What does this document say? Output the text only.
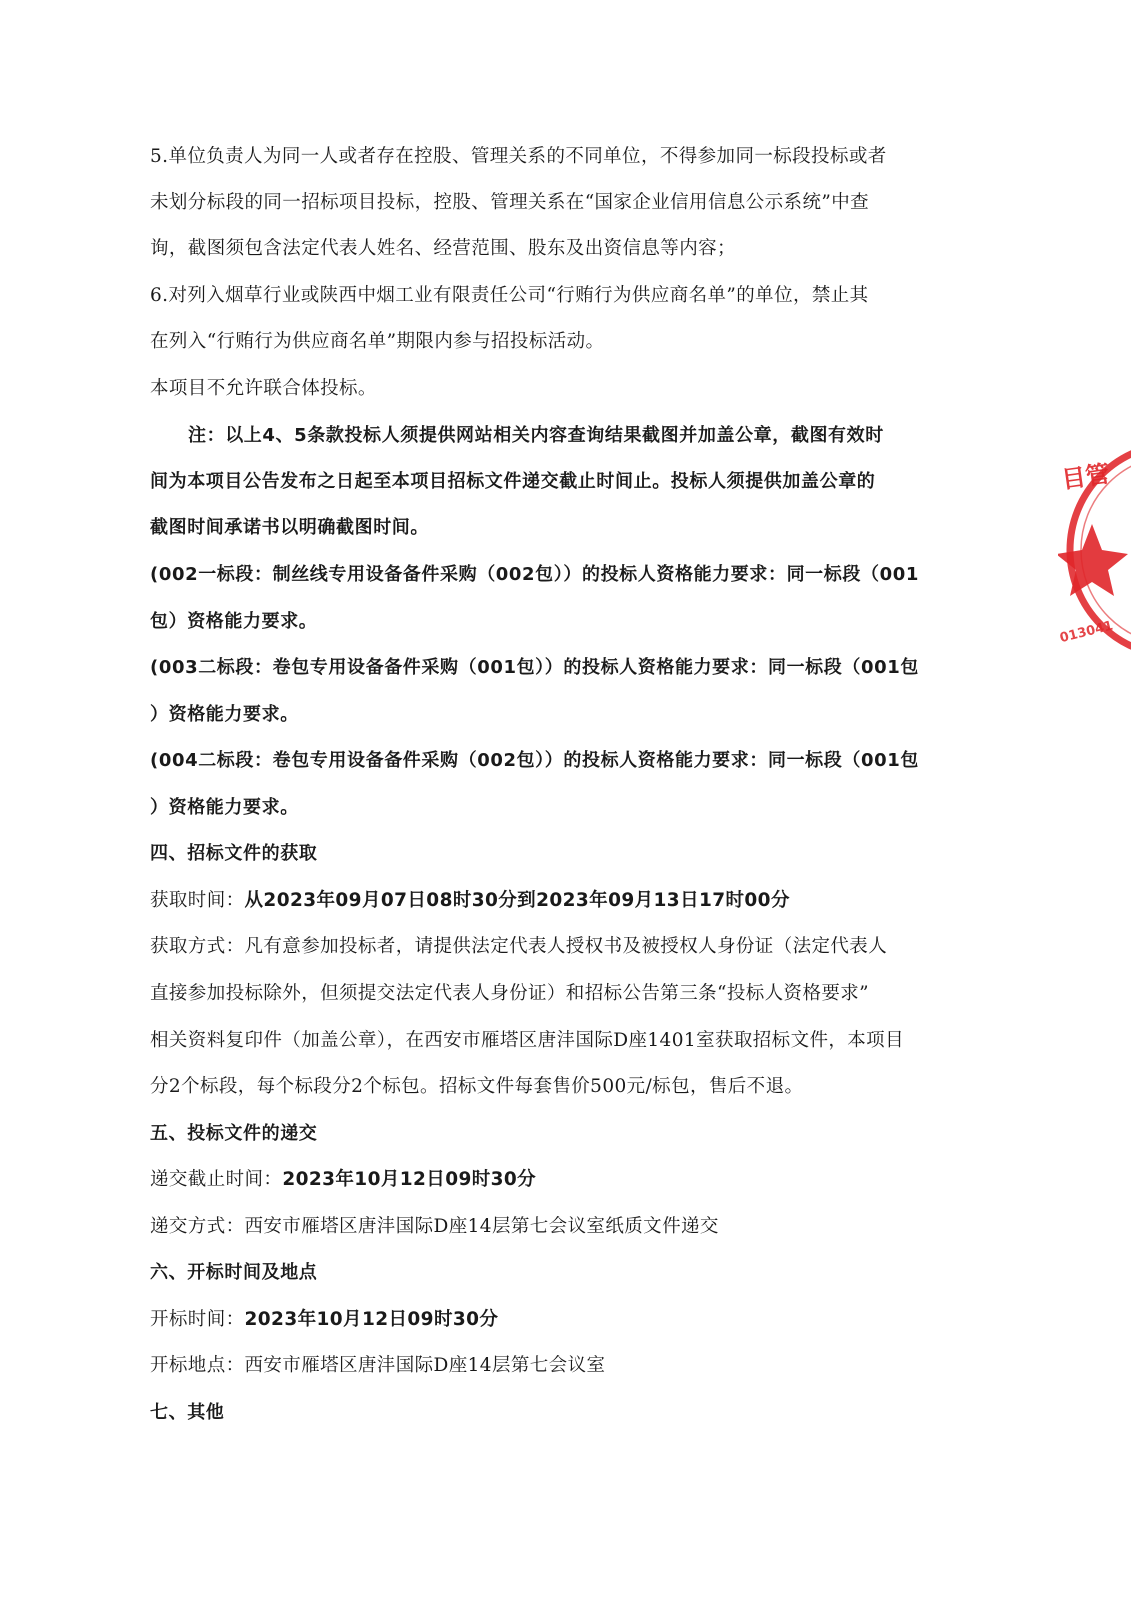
5.单位负责人为同一人或者存在控股、管理关系的不同单位，不得参加同一标段投标或者
未划分标段的同一招标项目投标，控股、管理关系在“国家企业信用信息公示系统”中查
询，截图须包含法定代表人姓名、经营范围、股东及出资信息等内容；
6.对列入烟草行业或陕西中烟工业有限责任公司“行贿行为供应商名单”的单位，禁止其
在列入“行贿行为供应商名单”期限内参与招投标活动。
本项目不允许联合体投标。
注：以上4、5条款投标人须提供网站相关内容查询结果截图并加盖公章，截图有效时
间为本项目公告发布之日起至本项目招标文件递交截止时间止。投标人须提供加盖公章的
截图时间承诺书以明确截图时间。
(002一标段：制丝线专用设备备件采购（002包））的投标人资格能力要求：同一标段（001
包）资格能力要求。
(003二标段：卷包专用设备备件采购（001包））的投标人资格能力要求：同一标段（001包
）资格能力要求。
(004二标段：卷包专用设备备件采购（002包））的投标人资格能力要求：同一标段（001包
）资格能力要求。
四、招标文件的获取
获取时间：从2023年09月07日08时30分到2023年09月13日17时00分
获取方式：凡有意参加投标者，请提供法定代表人授权书及被授权人身份证（法定代表人
直接参加投标除外，但须提交法定代表人身份证）和招标公告第三条“投标人资格要求”
相关资料复印件（加盖公章），在西安市雁塔区唐沣国际D座1401室获取招标文件，本项目
分2个标段，每个标段分2个标包。招标文件每套售价500元/标包，售后不退。
五、投标文件的递交
递交截止时间：2023年10月12日09时30分
递交方式：西安市雁塔区唐沣国际D座14层第七会议室纸质文件递交
六、开标时间及地点
开标时间：2023年10月12日09时30分
开标地点：西安市雁塔区唐沣国际D座14层第七会议室
七、其他
目管
013041
